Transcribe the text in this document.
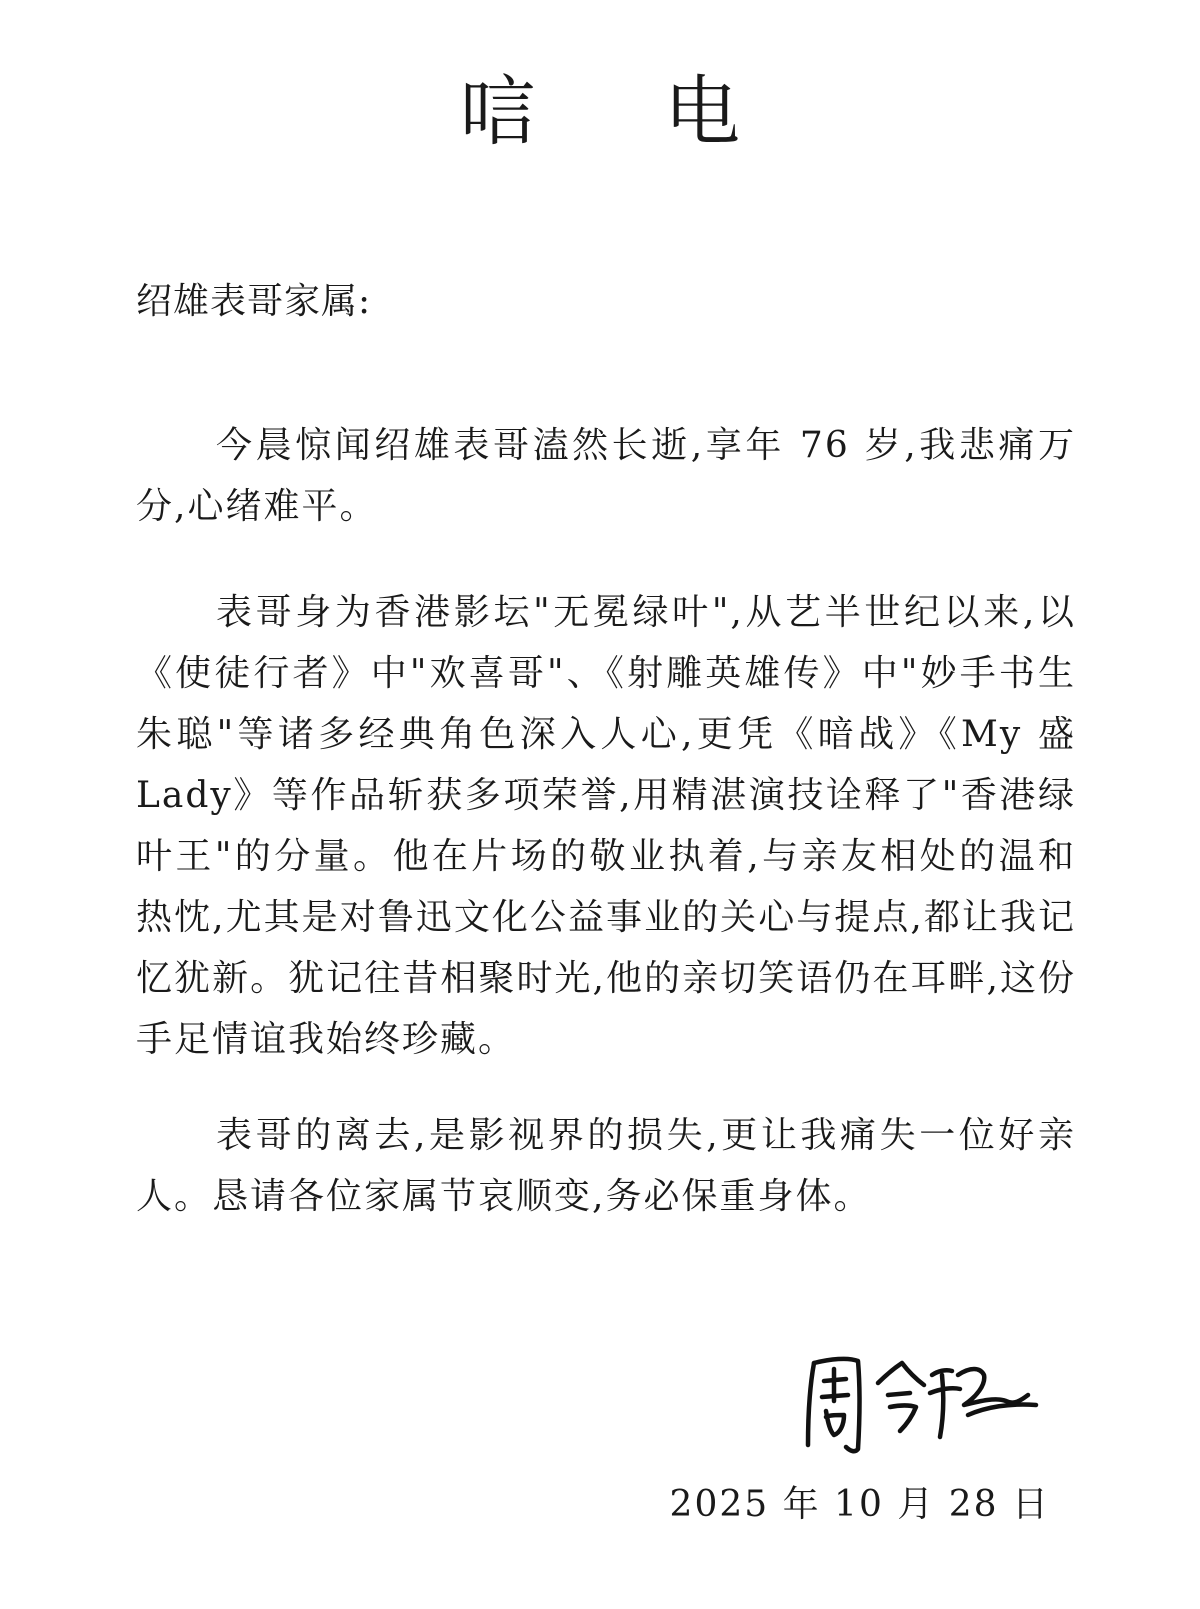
唁 电
绍雄表哥家属:
今晨惊闻绍雄表哥溘然长逝,享年 76 岁,我悲痛万分,心绪难平。
表哥身为香港影坛"无冕绿叶",从艺半世纪以来,以《使徒行者》中"欢喜哥"、《射雕英雄传》中"妙手书生朱聪"等诸多经典角色深入人心,更凭《暗战》《My 盛 Lady》等作品斩获多项荣誉,用精湛演技诠释了"香港绿叶王"的分量。他在片场的敬业执着,与亲友相处的温和热忱,尤其是对鲁迅文化公益事业的关心与提点,都让我记忆犹新。犹记往昔相聚时光,他的亲切笑语仍在耳畔,这份手足情谊我始终珍藏。
表哥的离去,是影视界的损失,更让我痛失一位好亲人。恳请各位家属节哀顺变,务必保重身体。
2025 年 10 月 28 日
